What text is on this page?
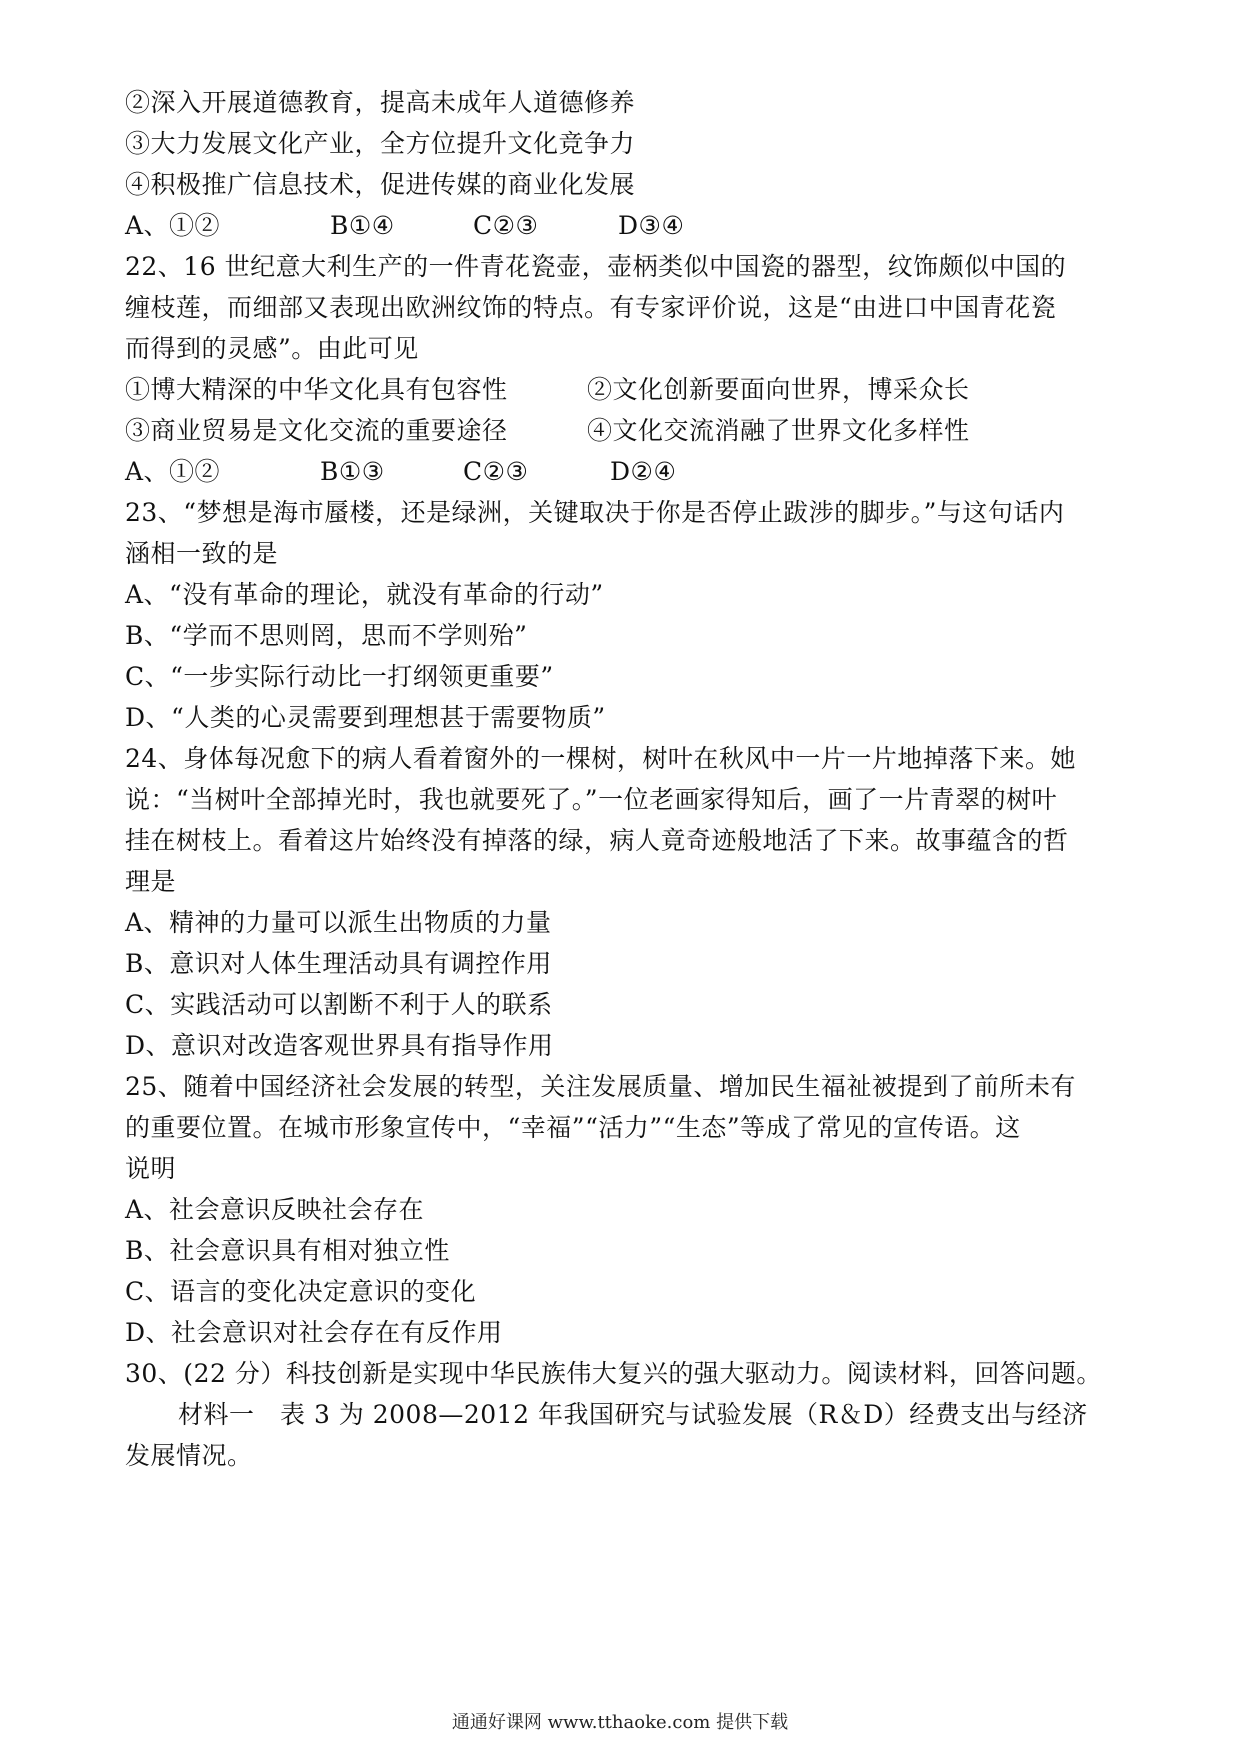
②深入开展道德教育，提高未成年人道德修养
③大力发展文化产业，全方位提升文化竞争力
④积极推广信息技术，促进传媒的商业化发展
A、①②	B①④	C②③	D③④
22、16 世纪意大利生产的一件青花瓷壶，壶柄类似中国瓷的器型，纹饰颇似中国的
缠枝莲，而细部又表现出欧洲纹饰的特点。有专家评价说，这是“由进口中国青花瓷
而得到的灵感”。由此可见
①博大精深的中华文化具有包容性	②文化创新要面向世界，博采众长
③商业贸易是文化交流的重要途径	④文化交流消融了世界文化多样性
A、①②	B①③	C②③	D②④
23、“梦想是海市蜃楼，还是绿洲，关键取决于你是否停止跋涉的脚步。”与这句话内
涵相一致的是
A、“没有革命的理论，就没有革命的行动”
B、“学而不思则罔，思而不学则殆”
C、“一步实际行动比一打纲领更重要”
D、“人类的心灵需要到理想甚于需要物质”
24、身体每况愈下的病人看着窗外的一棵树，树叶在秋风中一片一片地掉落下来。她
说：“当树叶全部掉光时，我也就要死了。”一位老画家得知后，画了一片青翠的树叶
挂在树枝上。看着这片始终没有掉落的绿，病人竟奇迹般地活了下来。故事蕴含的哲
理是
A、精神的力量可以派生出物质的力量
B、意识对人体生理活动具有调控作用
C、实践活动可以割断不利于人的联系
D、意识对改造客观世界具有指导作用
25、随着中国经济社会发展的转型，关注发展质量、增加民生福祉被提到了前所未有
的重要位置。在城市形象宣传中，“幸福”“活力”“生态”等成了常见的宣传语。这
说明
A、社会意识反映社会存在
B、社会意识具有相对独立性
C、语言的变化决定意识的变化
D、社会意识对社会存在有反作用
30、(22 分）科技创新是实现中华民族伟大复兴的强大驱动力。阅读材料，回答问题。
材料一　表 3 为 2008—2012 年我国研究与试验发展（R＆D）经费支出与经济
发展情况。
通通好课网 www.tthaoke.com 提供下载
